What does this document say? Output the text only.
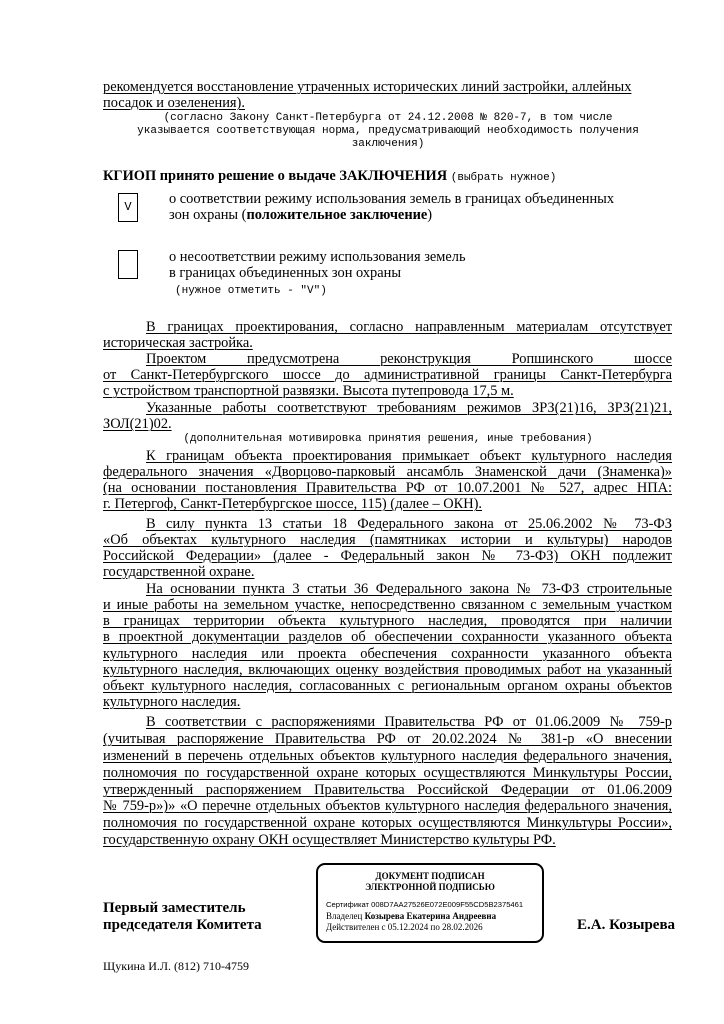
рекомендуется восстановление утраченных исторических линий застройки, аллейных
посадок и озеленения).
(согласно Закону Санкт-Петербурга от 24.12.2008 № 820-7, в том числе
указывается соответствующая норма, предусматривающий необходимость получения
заключения)
КГИОП принято решение о выдаче ЗАКЛЮЧЕНИЯ (выбрать нужное)
V	о соответствии режиму использования земель в границах объединенных
зон охраны (положительное заключение)
о несоответствии режиму использования земель
в границах объединенных зон охраны
(нужное отметить - "V")
В границах проектирования, согласно направленным материалам отсутствует
историческая застройка.
Проектом предусмотрена реконструкция Ропшинского шоссе
от Санкт-Петербургского шоссе до административной границы Санкт-Петербурга
с устройством транспортной развязки. Высота путепровода 17,5 м.
Указанные работы соответствуют требованиям режимов ЗРЗ(21)16, ЗРЗ(21)21,
ЗОЛ(21)02.
(дополнительная мотивировка принятия решения, иные требования)
К границам объекта проектирования примыкает объект культурного наследия
федерального значения «Дворцово-парковый ансамбль Знаменской дачи (Знаменка)»
(на основании постановления Правительства РФ от 10.07.2001 № 527, адрес НПА:
г. Петергоф, Санкт-Петербургское шоссе, 115) (далее – ОКН).
В силу пункта 13 статьи 18 Федерального закона от 25.06.2002 № 73-ФЗ
«Об объектах культурного наследия (памятниках истории и культуры) народов
Российской Федерации» (далее - Федеральный закон № 73-ФЗ) ОКН подлежит
государственной охране.
На основании пункта 3 статьи 36 Федерального закона № 73-ФЗ строительные
и иные работы на земельном участке, непосредственно связанном с земельным участком
в границах территории объекта культурного наследия, проводятся при наличии
в проектной документации разделов об обеспечении сохранности указанного объекта
культурного наследия или проекта обеспечения сохранности указанного объекта
культурного наследия, включающих оценку воздействия проводимых работ на указанный
объект культурного наследия, согласованных с региональным органом охраны объектов
культурного наследия.
В соответствии с распоряжениями Правительства РФ от 01.06.2009 № 759-р
(учитывая распоряжение Правительства РФ от 20.02.2024 № 381-р «О внесении
изменений в перечень отдельных объектов культурного наследия федерального значения,
полномочия по государственной охране которых осуществляются Минкультуры России,
утвержденный распоряжением Правительства Российской Федерации от 01.06.2009
№ 759-р»)» «О перечне отдельных объектов культурного наследия федерального значения,
полномочия по государственной охране которых осуществляются Минкультуры России»,
государственную охрану ОКН осуществляет Министерство культуры РФ.
Первый заместитель
председателя Комитета
ДОКУМЕНТ ПОДПИСАН
ЭЛЕКТРОННОЙ ПОДПИСЬЮ
Сертификат 008D7AA27526E072E009F55CD5B2375461
Владелец Козырева Екатерина Андреевна
Действителен с 05.12.2024 по 28.02.2026	Е.А. Козырева
Щукина И.Л. (812) 710-4759
